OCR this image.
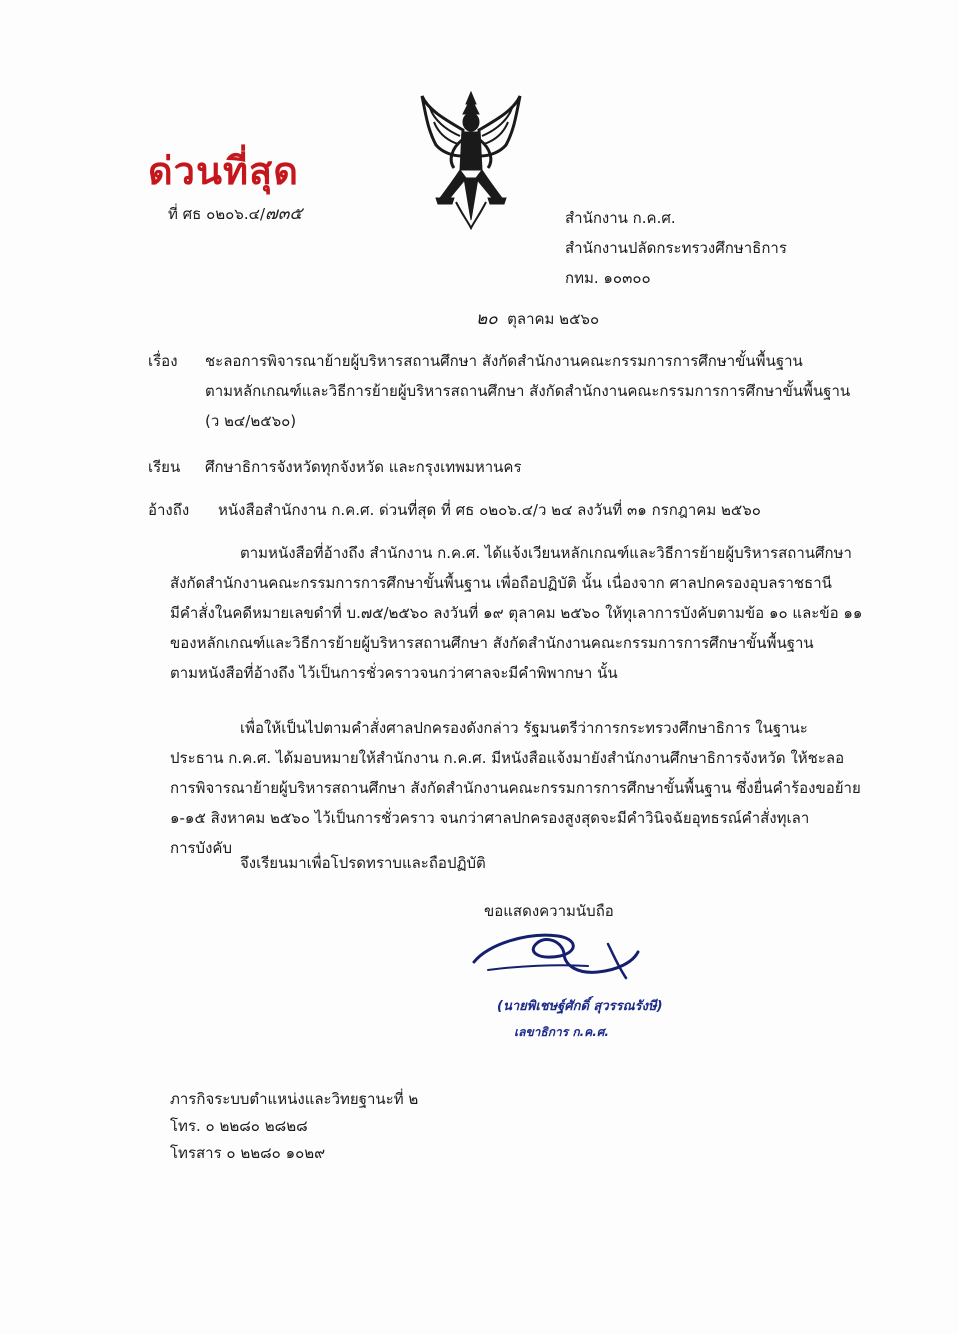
ด่วนที่สุด
ที่ ศธ ๐๒๐๖.๔/๗๓๕	สำนักงาน ก.ค.ศ.
สำนักงานปลัดกระทรวงศึกษาธิการ
กทม. ๑๐๓๐๐
๒๐ ตุลาคม ๒๕๖๐
เรื่อง ชะลอการพิจารณาย้ายผู้บริหารสถานศึกษา สังกัดสำนักงานคณะกรรมการการศึกษาขั้นพื้นฐาน
ตามหลักเกณฑ์และวิธีการย้ายผู้บริหารสถานศึกษา สังกัดสำนักงานคณะกรรมการการศึกษาขั้นพื้นฐาน
(ว ๒๔/๒๕๖๐)
เรียน ศึกษาธิการจังหวัดทุกจังหวัด และกรุงเทพมหานคร
อ้างถึง หนังสือสำนักงาน ก.ค.ศ. ด่วนที่สุด ที่ ศธ ๐๒๐๖.๔/ว ๒๔ ลงวันที่ ๓๑ กรกฎาคม ๒๕๖๐
ตามหนังสือที่อ้างถึง สำนักงาน ก.ค.ศ. ได้แจ้งเวียนหลักเกณฑ์และวิธีการย้ายผู้บริหารสถานศึกษา
สังกัดสำนักงานคณะกรรมการการศึกษาขั้นพื้นฐาน เพื่อถือปฏิบัติ นั้น เนื่องจาก ศาลปกครองอุบลราชธานี
มีคำสั่งในคดีหมายเลขดำที่ บ.๗๕/๒๕๖๐ ลงวันที่ ๑๙ ตุลาคม ๒๕๖๐ ให้ทุเลาการบังคับตามข้อ ๑๐ และข้อ ๑๑
ของหลักเกณฑ์และวิธีการย้ายผู้บริหารสถานศึกษา สังกัดสำนักงานคณะกรรมการการศึกษาขั้นพื้นฐาน
ตามหนังสือที่อ้างถึง ไว้เป็นการชั่วคราวจนกว่าศาลจะมีคำพิพากษา นั้น
เพื่อให้เป็นไปตามคำสั่งศาลปกครองดังกล่าว รัฐมนตรีว่าการกระทรวงศึกษาธิการ ในฐานะ
ประธาน ก.ค.ศ. ได้มอบหมายให้สำนักงาน ก.ค.ศ. มีหนังสือแจ้งมายังสำนักงานศึกษาธิการจังหวัด ให้ชะลอ
การพิจารณาย้ายผู้บริหารสถานศึกษา สังกัดสำนักงานคณะกรรมการการศึกษาขั้นพื้นฐาน ซึ่งยื่นคำร้องขอย้าย
๑-๑๕ สิงหาคม ๒๕๖๐ ไว้เป็นการชั่วคราว จนกว่าศาลปกครองสูงสุดจะมีคำวินิจฉัยอุทธรณ์คำสั่งทุเลา
การบังคับ
จึงเรียนมาเพื่อโปรดทราบและถือปฏิบัติ
ขอแสดงความนับถือ
(นายพิเชษฐ์ศักดิ์ สุวรรณรังษี)
เลขาธิการ ก.ค.ศ.
ภารกิจระบบตำแหน่งและวิทยฐานะที่ ๒
โทร. ๐ ๒๒๘๐ ๒๘๒๘
โทรสาร ๐ ๒๒๘๐ ๑๐๒๙
